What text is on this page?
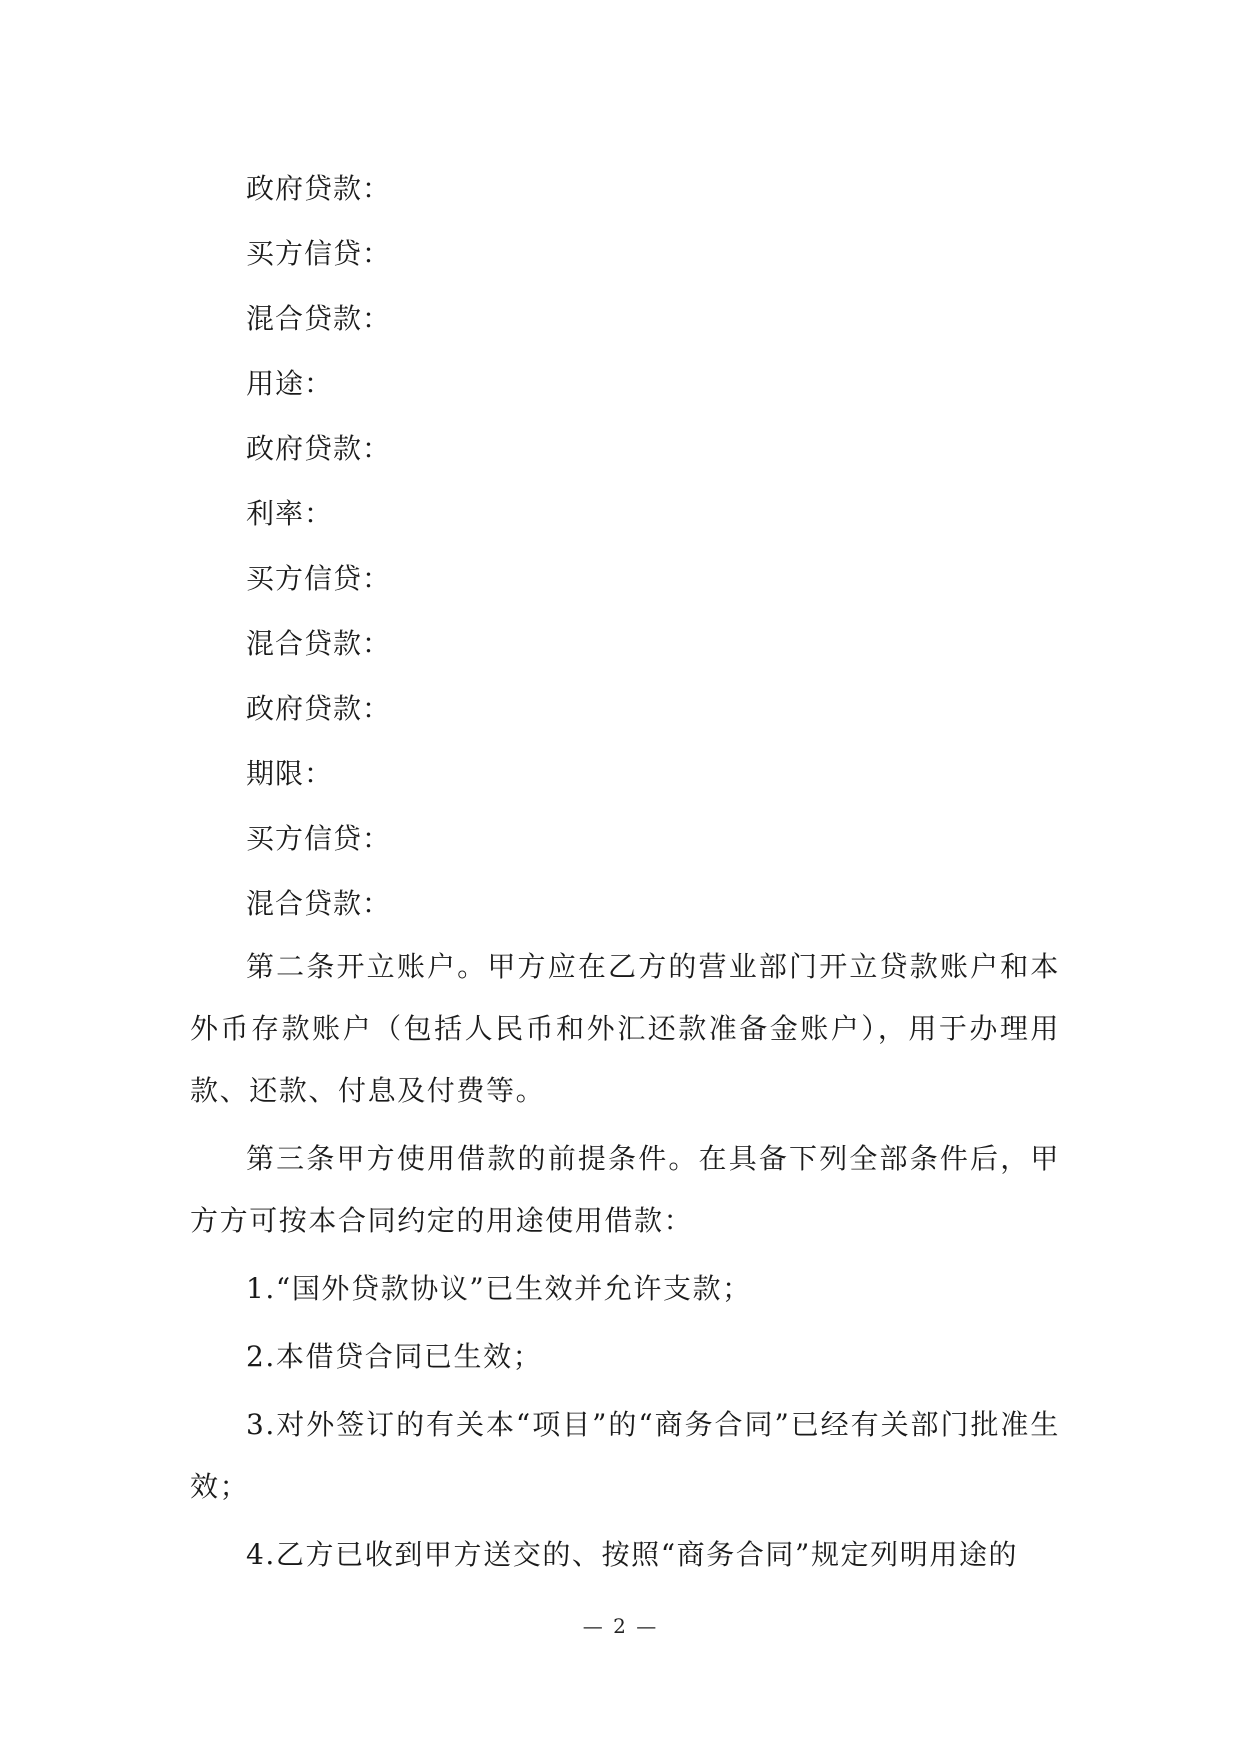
政府贷款：
买方信贷：
混合贷款：
用途：
政府贷款：
利率：
买方信贷：
混合贷款：
政府贷款：
期限：
买方信贷：
混合贷款：

第二条开立账户。甲方应在乙方的营业部门开立贷款账户和本外币存款账户（包括人民币和外汇还款准备金账户），用于办理用款、还款、付息及付费等。

第三条甲方使用借款的前提条件。在具备下列全部条件后，甲方方可按本合同约定的用途使用借款：

1.“国外贷款协议”已生效并允许支款；

2.本借贷合同已生效；

3.对外签订的有关本“项目”的“商务合同”已经有关部门批准生效；

4.乙方已收到甲方送交的、按照“商务合同”规定列明用途的

— 2 —
